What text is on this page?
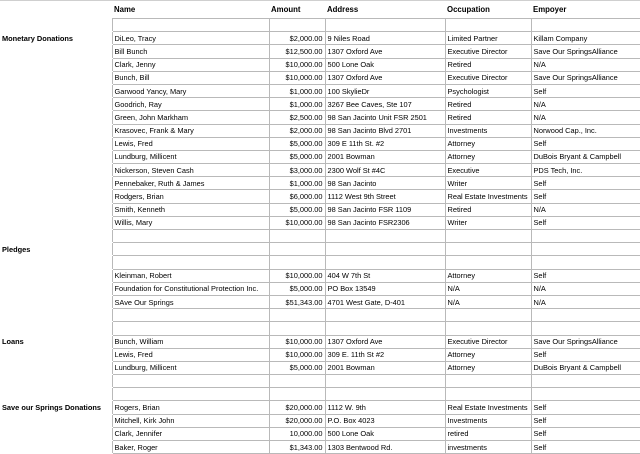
	Name	Amount	Address	Occupation	Empoyer

Monetary Donations	DiLeo, Tracy	$2,000.00	9 Niles Road	Limited Partner	Killam Company
	Bill Bunch	$12,500.00	1307 Oxford Ave	Executive Director	Save Our SpringsAlliance
	Clark, Jenny	$10,000.00	500 Lone Oak	Retired	N/A
	Bunch, Bill	$10,000.00	1307 Oxford Ave	Executive Director	Save Our SpringsAlliance
	Garwood Yancy, Mary	$1,000.00	100 SkylieDr	Psychologist	Self
	Goodrich, Ray	$1,000.00	3267 Bee Caves, Ste 107	Retired	N/A
	Green, John Markham	$2,500.00	98 San Jacinto Unit FSR 2501	Retired	N/A
	Krasovec, Frank & Mary	$2,000.00	98 San Jacinto Blvd 2701	Investments	Norwood Cap., Inc.
	Lewis, Fred	$5,000.00	309 E 11th St. #2	Attorney	Self
	Lundburg, Millicent	$5,000.00	2001 Bowman	Attorney	DuBois Bryant & Campbell
	Nickerson, Steven Cash	$3,000.00	2300 Wolf St #4C	Executive	PDS Tech, Inc.
	Pennebaker, Ruth & James	$1,000.00	98 San Jacinto	Writer	Self
	Rodgers, Brian	$6,000.00	1112 West 9th Street	Real Estate Investments	Self
	Smith, Kenneth	$5,000.00	98 San Jacinto FSR 1109	Retired	N/A
	Willis, Mary	$10,000.00	98 San Jacinto FSR2306	Writer	Self

Pledges					

	Kleinman, Robert	$10,000.00	404 W 7th St	Attorney	Self
	Foundation for Constitutional Protection Inc.	$5,000.00	PO Box 13549	N/A	N/A
	SAve Our Springs	$51,343.00	4701 West Gate, D-401	N/A	N/A

Loans	Bunch, William	$10,000.00	1307 Oxford Ave	Executive Director	Save Our SpringsAlliance
	Lewis, Fred	$10,000.00	309 E. 11th St #2	Attorney	Self
	Lundburg, Millicent	$5,000.00	2001 Bowman	Attorney	DuBois Bryant & Campbell

Save our Springs Donations	Rogers, Brian	$20,000.00	1112 W. 9th	Real Estate Investments	Self
	Mitchell, Kirk John	$20,000.00	P.O. Box 4023	Investments	Self
	Clark, Jennifer	10,000.00	500 Lone Oak	retired	Self
	Baker, Roger	$1,343.00	1303 Bentwood Rd.	investments	Self
